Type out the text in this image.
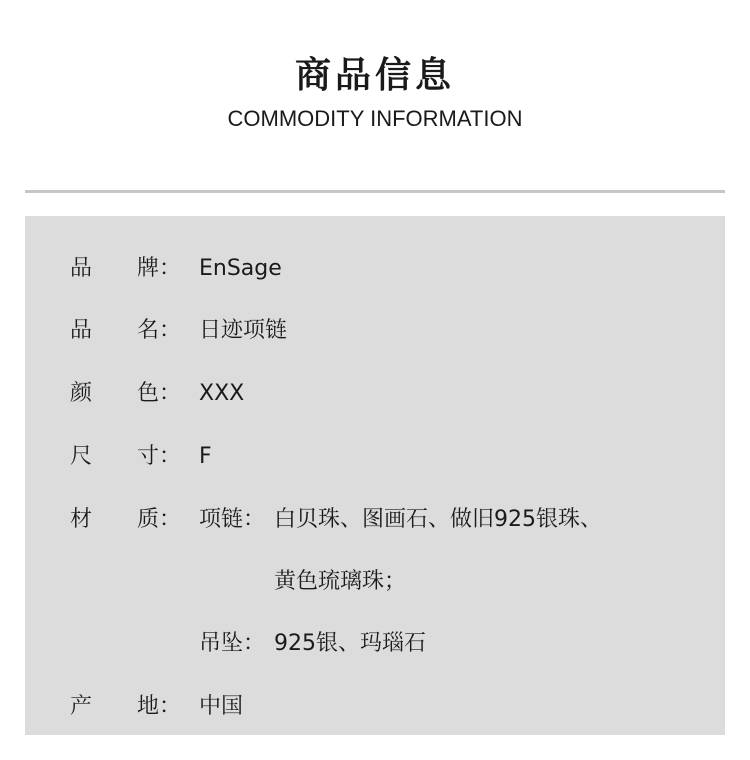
商品信息
COMMODITY INFORMATION
品 牌： EnSage
品 名： 日迹项链
颜 色： XXX
尺 寸： F
材 质： 项链： 白贝珠、图画石、做旧925银珠、
黄色琉璃珠；
吊坠： 925银、玛瑙石
产 地： 中国
